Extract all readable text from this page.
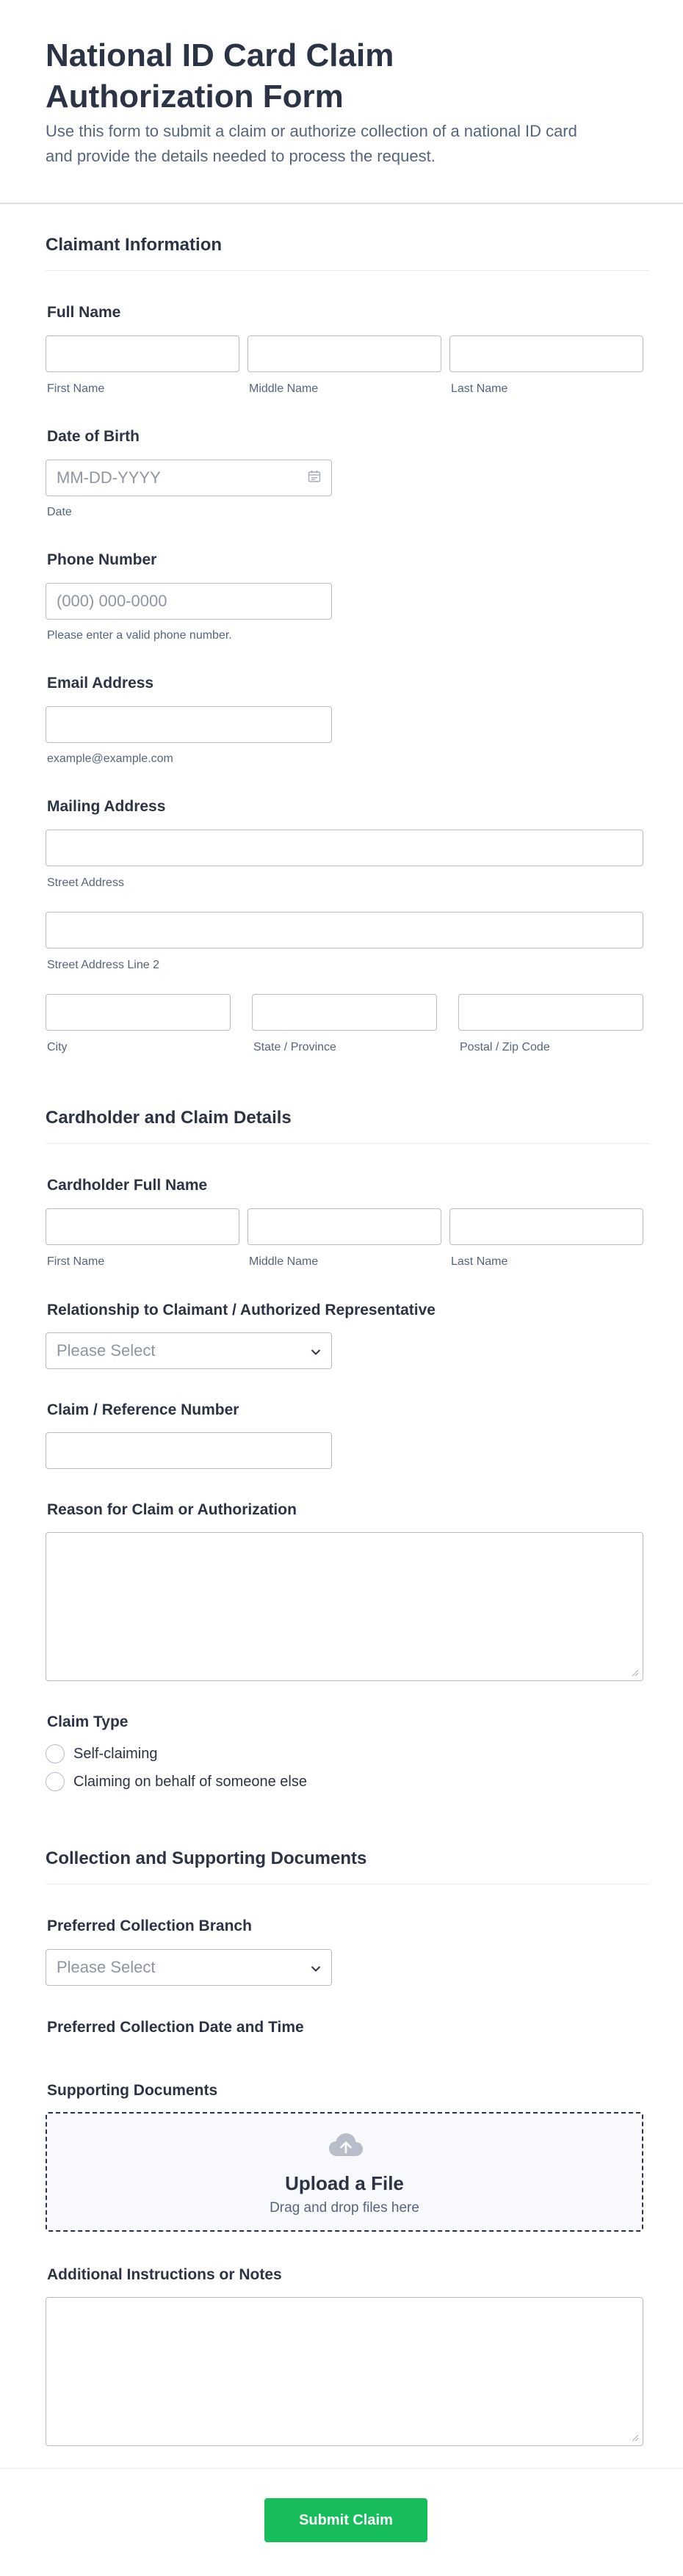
National ID Card Claim Authorization Form

Use this form to submit a claim or authorize collection of a national ID card and provide the details needed to process the request.

Claimant Information
Full Name
First Name	Middle Name	Last Name
Date of Birth
MM-DD-YYYY
Date
Phone Number
(000) 000-0000
Please enter a valid phone number.
Email Address
example@example.com
Mailing Address
Street Address
Street Address Line 2
City	State / Province	Postal / Zip Code
Cardholder and Claim Details
Cardholder Full Name
First Name	Middle Name	Last Name
Relationship to Claimant / Authorized Representative
Please Select
Claim / Reference Number
Reason for Claim or Authorization
Claim Type
Self-claiming
Claiming on behalf of someone else
Collection and Supporting Documents
Preferred Collection Branch
Please Select
Preferred Collection Date and Time
Supporting Documents
Upload a File
Drag and drop files here
Additional Instructions or Notes
Submit Claim
